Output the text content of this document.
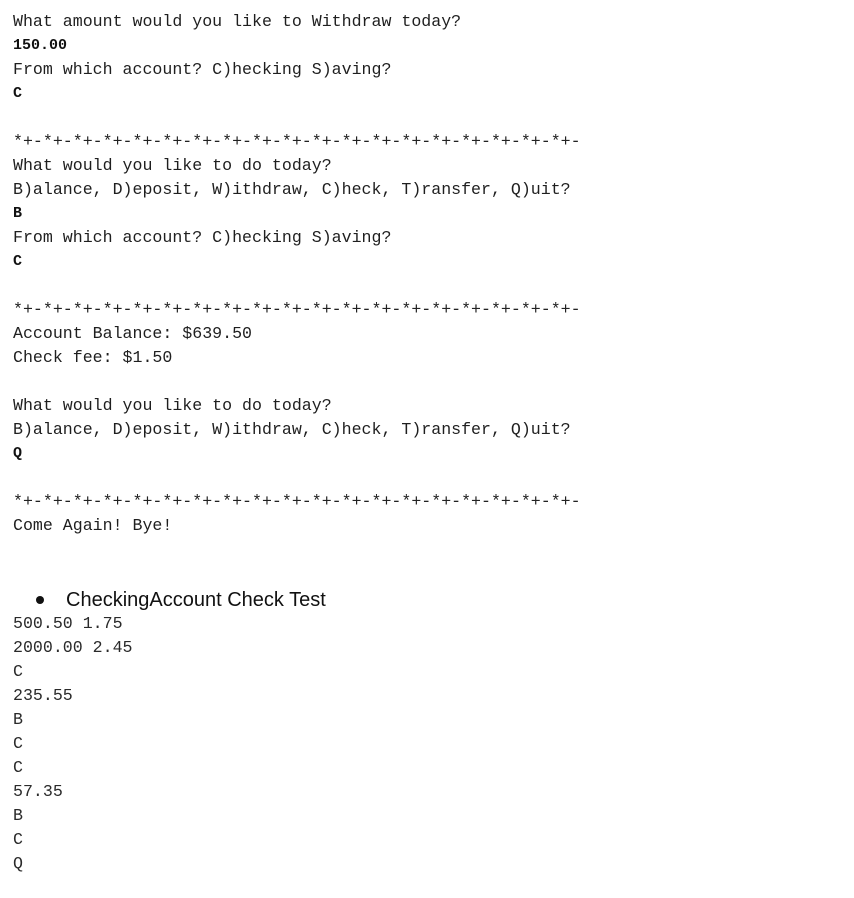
What amount would you like to Withdraw today?
150.00
From which account? C)hecking S)aving?
C
*+-*+-*+-*+-*+-*+-*+-*+-*+-*+-*+-*+-*+-*+-*+-*+-*+-*+-*+-
What would you like to do today?
B)alance, D)eposit, W)ithdraw, C)heck, T)ransfer, Q)uit?
B
From which account? C)hecking S)aving?
C
*+-*+-*+-*+-*+-*+-*+-*+-*+-*+-*+-*+-*+-*+-*+-*+-*+-*+-*+-
Account Balance: $639.50
Check fee: $1.50
What would you like to do today?
B)alance, D)eposit, W)ithdraw, C)heck, T)ransfer, Q)uit?
Q
*+-*+-*+-*+-*+-*+-*+-*+-*+-*+-*+-*+-*+-*+-*+-*+-*+-*+-*+-
Come Again! Bye!
CheckingAccount Check Test
500.50 1.75
2000.00 2.45
C
235.55
B
C
C
57.35
B
C
Q
